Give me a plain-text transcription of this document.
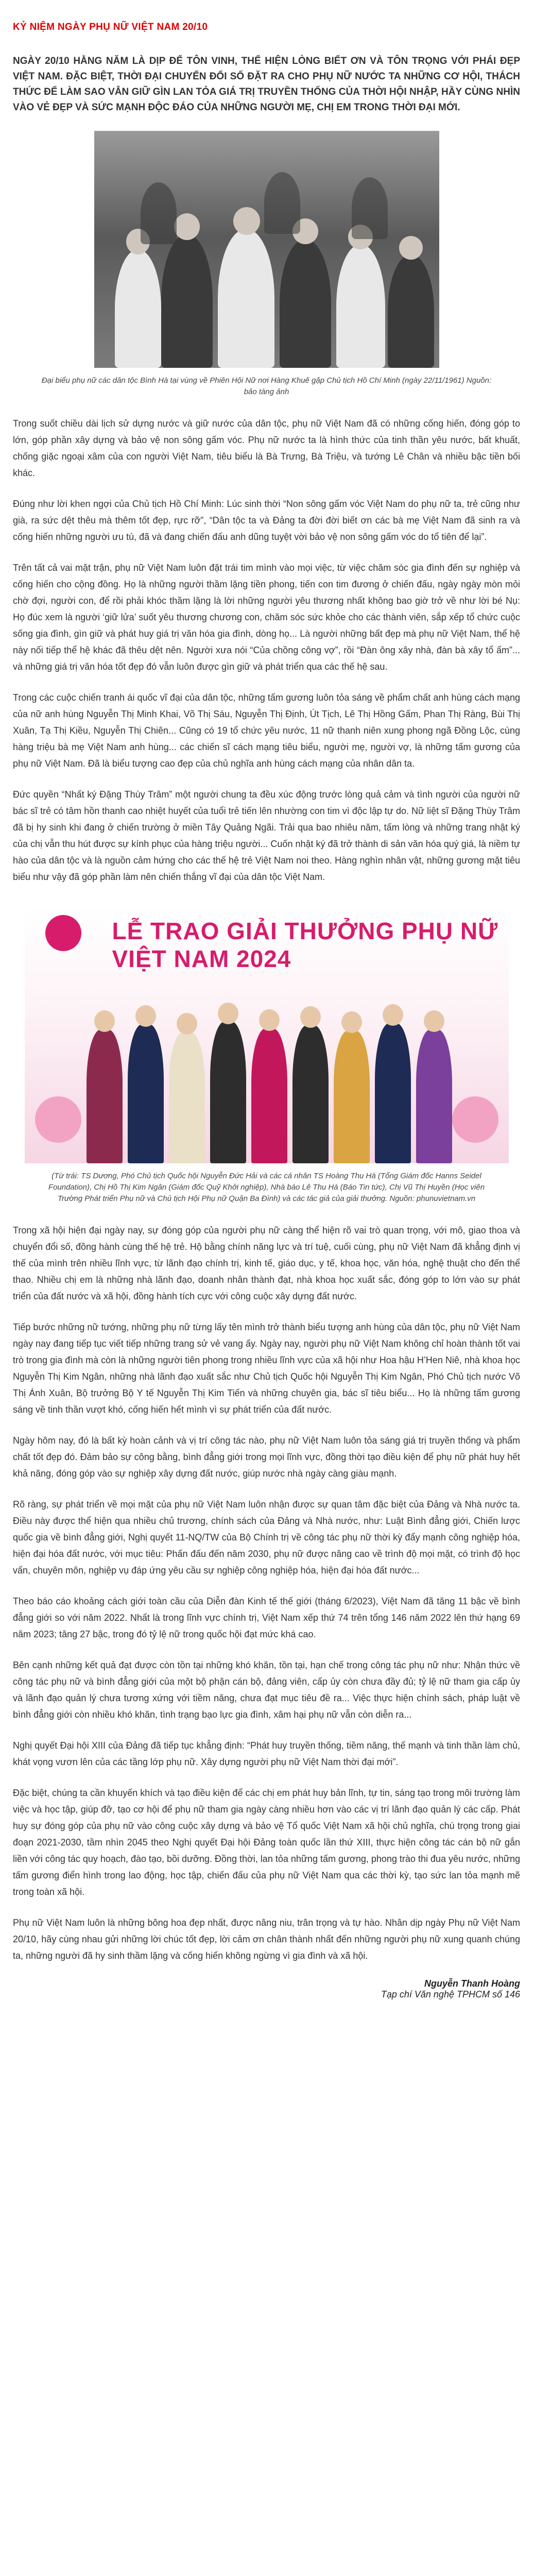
KỶ NIỆM NGÀY PHỤ NỮ VIỆT NAM 20/10
NGÀY 20/10 HẰNG NĂM LÀ DỊP ĐỂ TÔN VINH, THỂ HIỆN LÒNG BIẾT ƠN VÀ TÔN TRỌNG VỚI PHÁI ĐẸP VIỆT NAM. ĐẶC BIỆT, THỜI ĐẠI CHUYỂN ĐỔI SỐ ĐẶT RA CHO PHỤ NỮ NƯỚC TA NHỮNG CƠ HỘI, THÁCH THỨC ĐỂ LÀM SAO VẪN GIỮ GÌN LAN TỎA GIÁ TRỊ TRUYỀN THỐNG CỦA THỜI HỘI NHẬP, HẦY CÙNG NHÌN VÀO VẺ ĐẸP VÀ SỨC MẠNH ĐỘC ĐÁO CỦA NHỮNG NGƯỜI MẸ, CHỊ EM TRONG THỜI ĐẠI MỚI.
Đại biểu phụ nữ các dân tộc Bình Hà tại vùng về Phiên Hội Nữ nơi Hàng Khuê gặp Chủ tịch Hồ Chí Minh (ngày 22/11/1961) Nguồn: bảo tàng ảnh

Trong suốt chiều dài lịch sử dựng nước và giữ nước của dân tộc, phụ nữ Việt Nam đã có những cống hiến, đóng góp to lớn, góp phần xây dựng và bảo vệ non sông gấm vóc. Phụ nữ nước ta là hình thức của tinh thần yêu nước, bất khuất, chống giặc ngoại xâm của con người Việt Nam, tiêu biểu là Bà Trưng, Bà Triệu, và tướng Lê Chân và nhiều bậc tiền bối khác.

Đúng như lời khen ngợi của Chủ tịch Hồ Chí Minh: Lúc sinh thời “Non sông gấm vóc Việt Nam do phụ nữ ta, trẻ cũng như già, ra sức dệt thêu mà thêm tốt đẹp, rực rỡ”, “Dân tộc ta và Đảng ta đời đời biết ơn các bà mẹ Việt Nam đã sinh ra và cống hiến những người ưu tú, đã và đang chiến đấu anh dũng tuyệt vời bảo vệ non sông gấm vóc do tổ tiên để lại”.

Trên tất cả vai mặt trận, phụ nữ Việt Nam luôn đặt trái tim mình vào mọi việc, từ việc chăm sóc gia đình đến sự nghiệp và cống hiến cho cộng đồng. Họ là những người thầm lặng tiền phong, tiến con tim đương ở chiến đấu, ngày ngày mòn mỏi chờ đợi, người con, để rồi phải khóc thầm lặng là lời những người yêu thương nhất không bao giờ trở về như lời bé Nụ: Họ đúc xem là người ‘giữ lửa’ suốt yêu thương chương con, chăm sóc sức khỏe cho các thành viên, sắp xếp tổ chức cuộc sống gia đình, gìn giữ và phát huy giá trị văn hóa gia đình, dòng họ... Là người những bất đẹp mà phụ nữ Việt Nam, thể hệ này nối tiếp thể hệ khác đã thêu dệt nên. Người xưa nói “Của chồng công vợ”, rồi “Đàn ông xây nhà, đàn bà xây tổ ấm”... và những giá trị văn hóa tốt đẹp đó vẫn luôn được gìn giữ và phát triển qua các thế hệ sau.

Trong các cuộc chiến tranh ái quốc vĩ đại của dân tộc, những tấm gương luôn tỏa sáng về phẩm chất anh hùng cách mạng của nữ anh hùng Nguyễn Thị Minh Khai, Võ Thị Sáu, Nguyễn Thị Định, Út Tịch, Lê Thị Hồng Gấm, Phan Thị Ràng, Bùi Thị Xuân, Tạ Thị Kiều, Nguyễn Thị Chiên... Cũng có 19 tổ chức yêu nước, 11 nữ thanh niên xung phong ngã Đồng Lộc, cùng hàng triệu bà mẹ Việt Nam anh hùng... các chiến sĩ cách mạng tiêu biểu, người mẹ, người vợ, là những tấm gương của phụ nữ Việt Nam. Đã là biểu tượng cao đẹp của chủ nghĩa anh hùng cách mạng của nhân dân ta.

Đức quyền “Nhất ký Đặng Thùy Trâm” một người chung ta đều xúc động trước lòng quả cảm và tình người của người nữ bác sĩ trẻ có tâm hồn thanh cao nhiệt huyết của tuổi trẻ tiến lên nhường con tim vì độc lập tự do. Nữ liệt sĩ Đặng Thùy Trâm đã bị hy sinh khi đang ở chiến trường ở miền Tây Quảng Ngãi. Trải qua bao nhiêu năm, tấm lòng và những trang nhật ký của chị vẫn thu hút được sự kính phục của hàng triệu người... Cuốn nhật ký đã trở thành di sản văn hóa quý giá, là niềm tự hào của dân tộc và là nguồn cảm hứng cho các thế hệ trẻ Việt Nam noi theo. Hàng nghìn nhân vật, những gương mặt tiêu biểu như vậy đã góp phần làm nên chiến thắng vĩ đại của dân tộc Việt Nam.

LỄ TRAO GIẢI THƯỞNG PHỤ NỮ VIỆT NAM 2024
(Từ trái: TS Dương, Phó Chủ tịch Quốc hội Nguyễn Đức Hải và các cá nhân TS Hoàng Thu Hà (Tổng Giám đốc Hanns Seidel Foundation), Chị Hồ Thị Kim Ngân (Giám đốc Quỹ Khởi nghiệp), Nhà báo Lê Thu Hà (Báo Tin tức), Chị Vũ Thị Huyền (Học viên Trường Phát triển Phụ nữ và Chủ tịch Hội Phụ nữ Quận Ba Đình) và các tác giả của giải thưởng. Nguồn: phunuvietnam.vn

Trong xã hội hiện đại ngày nay, sự đóng góp của người phụ nữ càng thể hiện rõ vai trò quan trọng, với mô, giao thoa và chuyển đổi số, đồng hành cùng thế hệ trẻ. Hộ bằng chính năng lực và trí tuệ, cuối cùng, phụ nữ Việt Nam đã khẳng định vị thế của mình trên nhiều lĩnh vực, từ lãnh đạo chính trị, kinh tế, giáo dục, y tế, khoa học, văn hóa, nghệ thuật cho đến thể thao. Nhiều chị em là những nhà lãnh đạo, doanh nhân thành đạt, nhà khoa học xuất sắc, đóng góp to lớn vào sự phát triển của đất nước và xã hội, đồng hành tích cực với công cuộc xây dựng đất nước.

Tiếp bước những nữ tướng, những phụ nữ từng lấy tên mình trở thành biểu tượng anh hùng của dân tộc, phụ nữ Việt Nam ngày nay đang tiếp tục viết tiếp những trang sử vẻ vang ấy. Ngày nay, người phụ nữ Việt Nam không chỉ hoàn thành tốt vai trò trong gia đình mà còn là những người tiên phong trong nhiều lĩnh vực của xã hội như Hoa hậu H’Hen Niê, nhà khoa học Nguyễn Thị Kim Ngân, những nhà lãnh đạo xuất sắc như Chủ tịch Quốc hội Nguyễn Thị Kim Ngân, Phó Chủ tịch nước Võ Thị Ánh Xuân, Bộ trưởng Bộ Y tế Nguyễn Thị Kim Tiến và những chuyên gia, bác sĩ tiêu biểu... Họ là những tấm gương sáng về tinh thần vượt khó, cống hiến hết mình vì sự phát triển của đất nước.

Ngày hôm nay, đó là bất kỳ hoàn cảnh và vị trí công tác nào, phụ nữ Việt Nam luôn tỏa sáng giá trị truyền thống và phẩm chất tốt đẹp đó. Đảm bảo sự công bằng, bình đẳng giới trong mọi lĩnh vực, đồng thời tạo điều kiện để phụ nữ phát huy hết khả năng, đóng góp vào sự nghiệp xây dựng đất nước, giúp nước nhà ngày càng giàu mạnh.

Rõ ràng, sự phát triển về mọi mặt của phụ nữ Việt Nam luôn nhận được sự quan tâm đặc biệt của Đảng và Nhà nước ta. Điều này được thể hiện qua nhiều chủ trương, chính sách của Đảng và Nhà nước, như: Luật Bình đẳng giới, Chiến lược quốc gia về bình đẳng giới, Nghị quyết 11-NQ/TW của Bộ Chính trị về công tác phụ nữ thời kỳ đẩy mạnh công nghiệp hóa, hiện đại hóa đất nước, với mục tiêu: Phấn đấu đến năm 2030, phụ nữ được nâng cao về trình độ mọi mặt, có trình độ học vấn, chuyên môn, nghiệp vụ đáp ứng yêu cầu sự nghiệp công nghiệp hóa, hiện đại hóa đất nước...

Theo báo cáo khoảng cách giới toàn cầu của Diễn đàn Kinh tế thế giới (tháng 6/2023), Việt Nam đã tăng 11 bậc về bình đẳng giới so với năm 2022. Nhất là trong lĩnh vực chính trị, Việt Nam xếp thứ 74 trên tổng 146 năm 2022 lên thứ hạng 69 năm 2023; tăng 27 bậc, trong đó tỷ lệ nữ trong quốc hội đạt mức khá cao.

Bên cạnh những kết quả đạt được còn tồn tại những khó khăn, tồn tại, hạn chế trong công tác phụ nữ như: Nhận thức về công tác phụ nữ và bình đẳng giới của một bộ phận cán bộ, đảng viên, cấp ủy còn chưa đầy đủ; tỷ lệ nữ tham gia cấp ủy và lãnh đạo quản lý chưa tương xứng với tiềm năng, chưa đạt mục tiêu đề ra... Việc thực hiện chính sách, pháp luật về bình đẳng giới còn nhiều khó khăn, tình trạng bạo lực gia đình, xâm hại phụ nữ vẫn còn diễn ra...

Nghị quyết Đại hội XIII của Đảng đã tiếp tục khẳng định: “Phát huy truyền thống, tiềm năng, thế mạnh và tinh thần làm chủ, khát vọng vươn lên của các tầng lớp phụ nữ. Xây dựng người phụ nữ Việt Nam thời đại mới”.

Đặc biệt, chúng ta cần khuyến khích và tạo điều kiện để các chị em phát huy bản lĩnh, tự tin, sáng tạo trong môi trường làm việc và học tập, giúp đỡ, tạo cơ hội để phụ nữ tham gia ngày càng nhiều hơn vào các vị trí lãnh đạo quản lý các cấp. Phát huy sự đóng góp của phụ nữ vào công cuộc xây dựng và bảo vệ Tổ quốc Việt Nam xã hội chủ nghĩa, chú trọng trong giai đoạn 2021-2030, tầm nhìn 2045 theo Nghị quyết Đại hội Đảng toàn quốc lần thứ XIII, thực hiện công tác cán bộ nữ gắn liền với công tác quy hoạch, đào tạo, bồi dưỡng. Đồng thời, lan tỏa những tấm gương, phong trào thi đua yêu nước, những tấm gương điển hình trong lao động, học tập, chiến đấu của phụ nữ Việt Nam qua các thời kỳ, tạo sức lan tỏa mạnh mẽ trong toàn xã hội.

Phụ nữ Việt Nam luôn là những bông hoa đẹp nhất, được nâng niu, trân trọng và tự hào. Nhân dịp ngày Phụ nữ Việt Nam 20/10, hãy cùng nhau gửi những lời chúc tốt đẹp, lời cảm ơn chân thành nhất đến những người phụ nữ xung quanh chúng ta, những người đã hy sinh thầm lặng và cống hiến không ngừng vì gia đình và xã hội.

Nguyễn Thanh Hoàng
Tạp chí Văn nghệ TPHCM số 146
